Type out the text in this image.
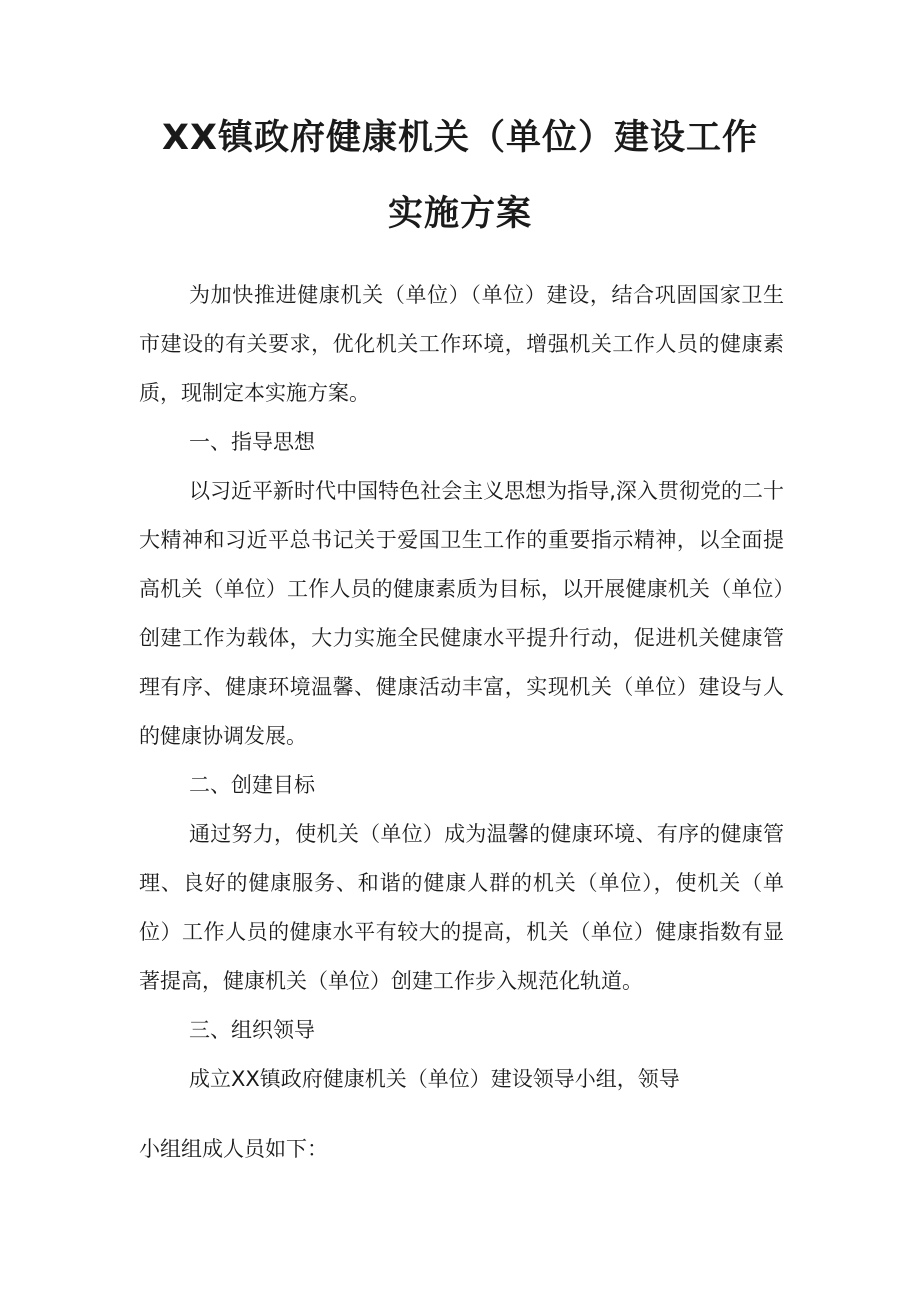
XX镇政府健康机关（单位）建设工作
实施方案

为加快推进健康机关（单位）（单位）建设，结合巩固国家卫生市建设的有关要求，优化机关工作环境，增强机关工作人员的健康素质，现制定本实施方案。

一、指导思想

以习近平新时代中国特色社会主义思想为指导,深入贯彻党的二十大精神和习近平总书记关于爱国卫生工作的重要指示精神，以全面提高机关（单位）工作人员的健康素质为目标，以开展健康机关（单位）创建工作为载体，大力实施全民健康水平提升行动，促进机关健康管理有序、健康环境温馨、健康活动丰富，实现机关（单位）建设与人的健康协调发展。

二、创建目标

通过努力，使机关（单位）成为温馨的健康环境、有序的健康管理、良好的健康服务、和谐的健康人群的机关（单位），使机关（单位）工作人员的健康水平有较大的提高，机关（单位）健康指数有显著提高，健康机关（单位）创建工作步入规范化轨道。

三、组织领导

成立XX镇政府健康机关（单位）建设领导小组，领导

小组组成人员如下：
